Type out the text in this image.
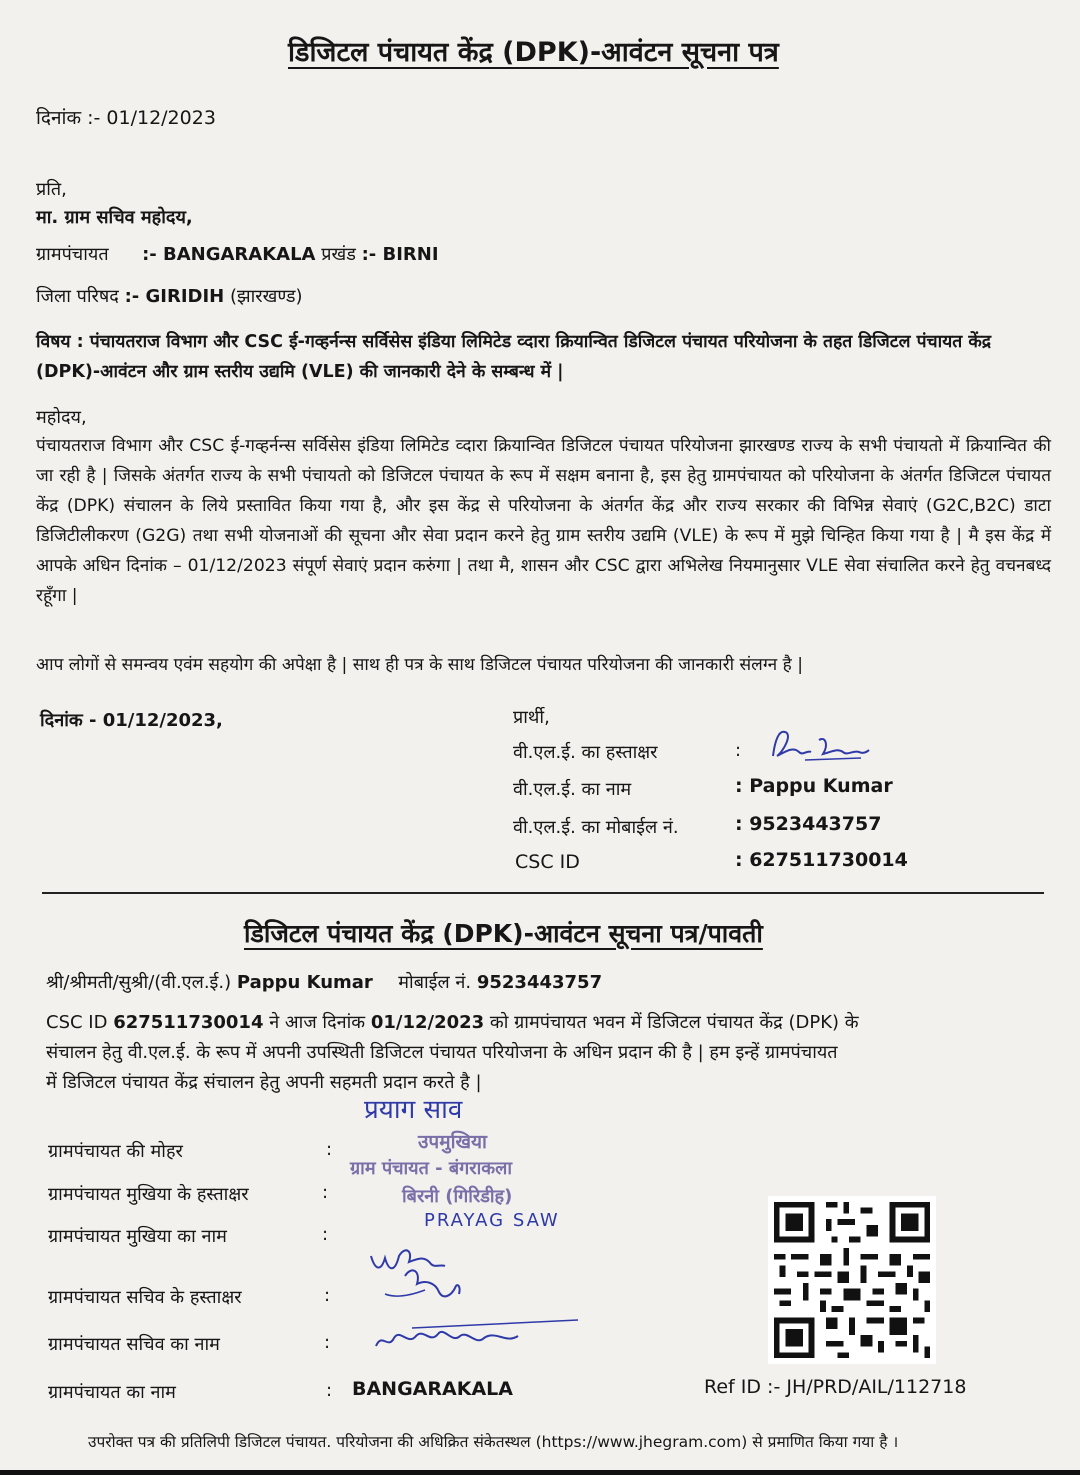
डिजिटल पंचायत केंद्र (DPK)-आवंटन सूचना पत्र
दिनांक :- 01/12/2023
प्रति,
मा. ग्राम सचिव महोदय,
ग्रामपंचायत :- BANGARAKALA प्रखंड :- BIRNI
जिला परिषद :- GIRIDIH (झारखण्ड)
विषय : पंचायतराज विभाग और CSC ई-गव्हर्नन्स सर्विसेस इंडिया लिमिटेड व्दारा क्रियान्वित डिजिटल पंचायत परियोजना के तहत डिजिटल पंचायत केंद्र (DPK)-आवंटन और ग्राम स्तरीय उद्यमि (VLE) की जानकारी देने के सम्बन्ध में |
महोदय,
पंचायतराज विभाग और CSC ई-गव्हर्नन्स सर्विसेस इंडिया लिमिटेड व्दारा क्रियान्वित डिजिटल पंचायत परियोजना झारखण्ड राज्य के सभी पंचायतो में क्रियान्वित की जा रही है | जिसके अंतर्गत राज्य के सभी पंचायतो को डिजिटल पंचायत के रूप में सक्षम बनाना है, इस हेतु ग्रामपंचायत को परियोजना के अंतर्गत डिजिटल पंचायत केंद्र (DPK) संचालन के लिये प्रस्तावित किया गया है, और इस केंद्र से परियोजना के अंतर्गत केंद्र और राज्य सरकार की विभिन्न सेवाएं (G2C,B2C) डाटा डिजिटीलीकरण (G2G) तथा सभी योजनाओं की सूचना और सेवा प्रदान करने हेतु ग्राम स्तरीय उद्यमि (VLE) के रूप में मुझे चिन्हित किया गया है | मै इस केंद्र में आपके अधिन दिनांक – 01/12/2023 संपूर्ण सेवाएं प्रदान करुंगा | तथा मै, शासन और CSC द्वारा अभिलेख नियमानुसार VLE सेवा संचालित करने हेतु वचनबध्द रहूँगा |
आप लोगों से समन्वय एवंम सहयोग की अपेक्षा है | साथ ही पत्र के साथ डिजिटल पंचायत परियोजना की जानकारी संलग्न है |
दिनांक - 01/12/2023,	प्रार्थी,
वी.एल.ई. का हस्ताक्षर	:
वी.एल.ई. का नाम	: Pappu Kumar
वी.एल.ई. का मोबाईल नं.	: 9523443757
CSC ID	: 627511730014
डिजिटल पंचायत केंद्र (DPK)-आवंटन सूचना पत्र/पावती
श्री/श्रीमती/सुश्री/(वी.एल.ई.) Pappu Kumar मोबाईल नं. 9523443757
CSC ID 627511730014 ने आज दिनांक 01/12/2023 को ग्रामपंचायत भवन में डिजिटल पंचायत केंद्र (DPK) के
संचालन हेतु वी.एल.ई. के रूप में अपनी उपस्थिती डिजिटल पंचायत परियोजना के अधिन प्रदान की है | हम इन्हें ग्रामपंचायत
में डिजिटल पंचायत केंद्र संचालन हेतु अपनी सहमती प्रदान करते है |
प्रयाग साव
उपमुखिया
ग्राम पंचायत - बंगराकला
बिरनी (गिरिडीह)
PRAYAG SAW
ग्रामपंचायत की मोहर	:
ग्रामपंचायत मुखिया के हस्ताक्षर	:
ग्रामपंचायत मुखिया का नाम	:
ग्रामपंचायत सचिव के हस्ताक्षर	:
ग्रामपंचायत सचिव का नाम	:
ग्रामपंचायत का नाम	: BANGARAKALA	Ref ID :- JH/PRD/AIL/112718
उपरोक्त पत्र की प्रतिलिपी डिजिटल पंचायत. परियोजना की अधिक्रित संकेतस्थल (https://www.jhegram.com) से प्रमाणित किया गया है ।
